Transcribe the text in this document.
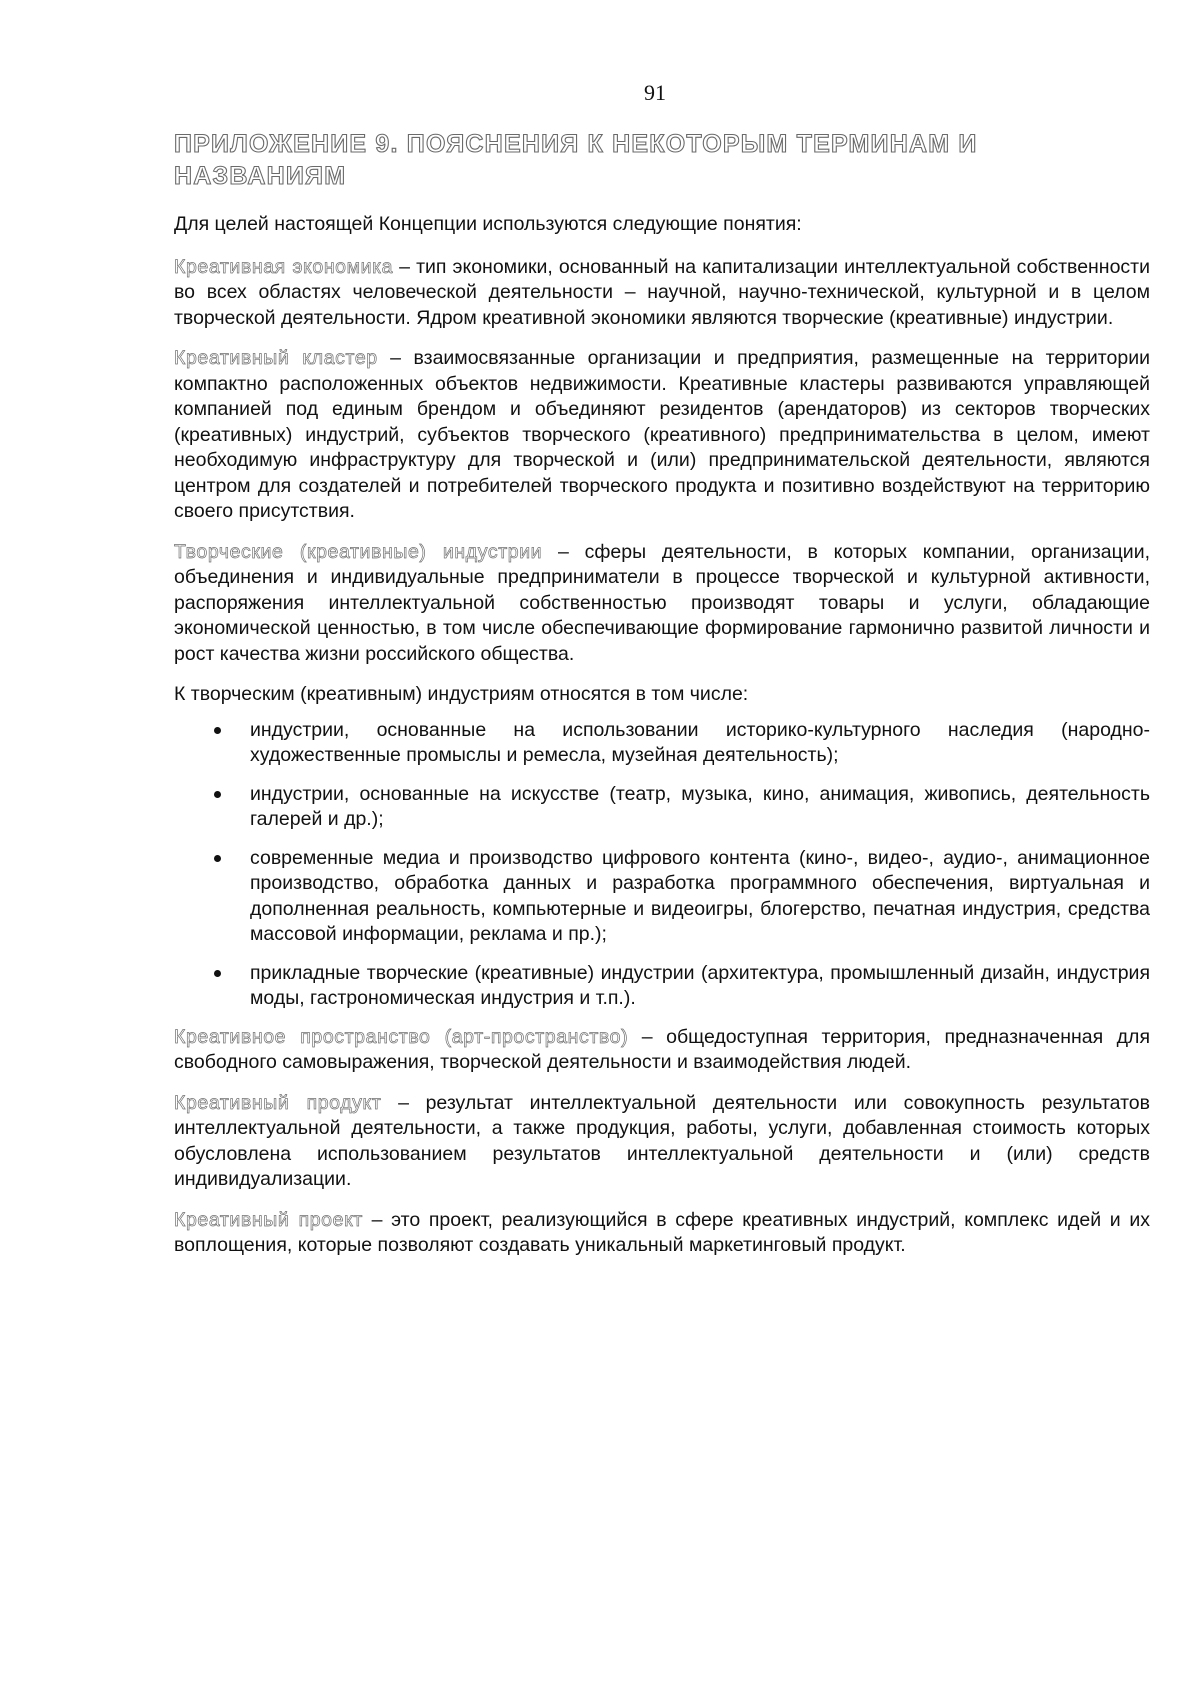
91
ПРИЛОЖЕНИЕ 9. ПОЯСНЕНИЯ К НЕКОТОРЫМ ТЕРМИНАМ И НАЗВАНИЯМ

Для целей настоящей Концепции используются следующие понятия:

Креативная экономика – тип экономики, основанный на капитализации интеллектуальной собственности во всех областях человеческой деятельности – научной, научно-технической, культурной и в целом творческой деятельности. Ядром креативной экономики являются творческие (креативные) индустрии.

Креативный кластер – взаимосвязанные организации и предприятия, размещенные на территории компактно расположенных объектов недвижимости. Креативные кластеры развиваются управляющей компанией под единым брендом и объединяют резидентов (арендаторов) из секторов творческих (креативных) индустрий, субъектов творческого (креативного) предпринимательства в целом, имеют необходимую инфраструктуру для творческой и (или) предпринимательской деятельности, являются центром для создателей и потребителей творческого продукта и позитивно воздействуют на территорию своего присутствия.

Творческие (креативные) индустрии – сферы деятельности, в которых компании, организации, объединения и индивидуальные предприниматели в процессе творческой и культурной активности, распоряжения интеллектуальной собственностью производят товары и услуги, обладающие экономической ценностью, в том числе обеспечивающие формирование гармонично развитой личности и рост качества жизни российского общества.

К творческим (креативным) индустриям относятся в том числе:

индустрии, основанные на использовании историко-культурного наследия (народно-художественные промыслы и ремесла, музейная деятельность);
индустрии, основанные на искусстве (театр, музыка, кино, анимация, живопись, деятельность галерей и др.);
современные медиа и производство цифрового контента (кино-, видео-, аудио-, анимационное производство, обработка данных и разработка программного обеспечения, виртуальная и дополненная реальность, компьютерные и видеоигры, блогерство, печатная индустрия, средства массовой информации, реклама и пр.);
прикладные творческие (креативные) индустрии (архитектура, промышленный дизайн, индустрия моды, гастрономическая индустрия и т.п.).

Креативное пространство (арт-пространство) – общедоступная территория, предназначенная для свободного самовыражения, творческой деятельности и взаимодействия людей.

Креативный продукт – результат интеллектуальной деятельности или совокупность результатов интеллектуальной деятельности, а также продукция, работы, услуги, добавленная стоимость которых обусловлена использованием результатов интеллектуальной деятельности и (или) средств индивидуализации.

Креативный проект – это проект, реализующийся в сфере креативных индустрий, комплекс идей и их воплощения, которые позволяют создавать уникальный маркетинговый продукт.
